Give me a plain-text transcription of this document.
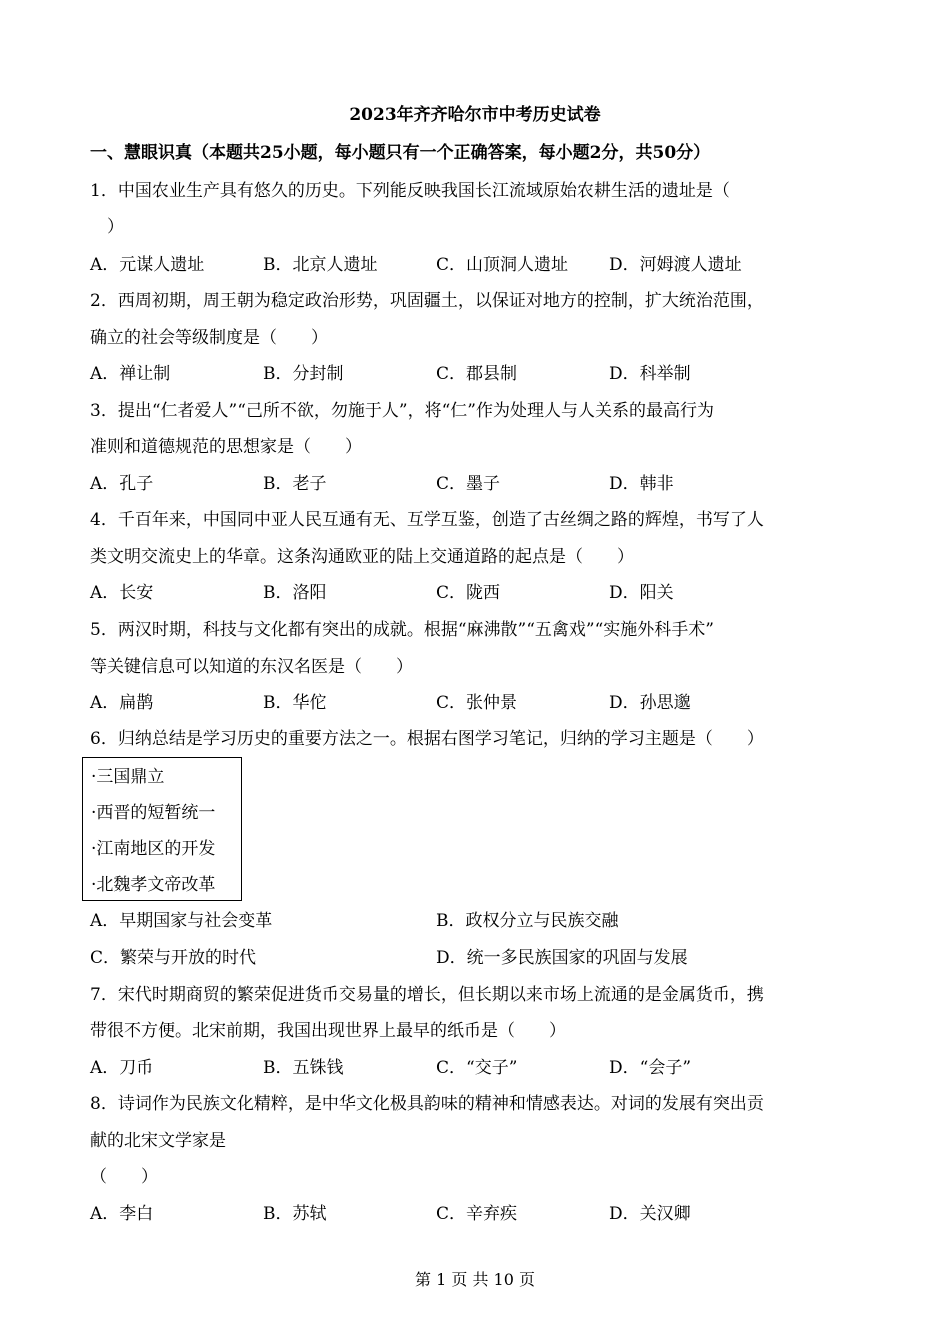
2023年齐齐哈尔市中考历史试卷
一、慧眼识真（本题共25小题，每小题只有一个正确答案，每小题2分，共50分）
1．中国农业生产具有悠久的历史。下列能反映我国长江流域原始农耕生活的遗址是（
　）
A．元谋人遗址	B．北京人遗址	C．山顶洞人遗址 D．河姆渡人遗址
2．西周初期，周王朝为稳定政治形势，巩固疆土，以保证对地方的控制，扩大统治范围，
确立的社会等级制度是（　　）
A．禅让制	B．分封制	C．郡县制	D．科举制
3．提出“仁者爱人”“己所不欲，勿施于人”，将“仁”作为处理人与人关系的最高行为
准则和道德规范的思想家是（　　）
A．孔子	B．老子	C．墨子	D．韩非
4．千百年来，中国同中亚人民互通有无、互学互鉴，创造了古丝绸之路的辉煌，书写了人
类文明交流史上的华章。这条沟通欧亚的陆上交通道路的起点是（　　）
A．长安	B．洛阳	C．陇西	D．阳关
5．两汉时期，科技与文化都有突出的成就。根据“麻沸散”“五禽戏”“实施外科手术”
等关键信息可以知道的东汉名医是（　　）
A．扁鹊	B．华佗	C．张仲景	D．孙思邈
6．归纳总结是学习历史的重要方法之一。根据右图学习笔记，归纳的学习主题是（　　）
·三国鼎立
·西晋的短暂统一
·江南地区的开发
·北魏孝文帝改革
A．早期国家与社会变革	B．政权分立与民族交融
C．繁荣与开放的时代	D．统一多民族国家的巩固与发展
7．宋代时期商贸的繁荣促进货币交易量的增长，但长期以来市场上流通的是金属货币，携
带很不方便。北宋前期，我国出现世界上最早的纸币是（　　）
A．刀币	B．五铢钱	C．“交子”	D．“会子”
8．诗词作为民族文化精粹，是中华文化极具韵味的精神和情感表达。对词的发展有突出贡
献的北宋文学家是
（　　）
A．李白	B．苏轼	C．辛弃疾	D．关汉卿
第 1 页 共 10 页
